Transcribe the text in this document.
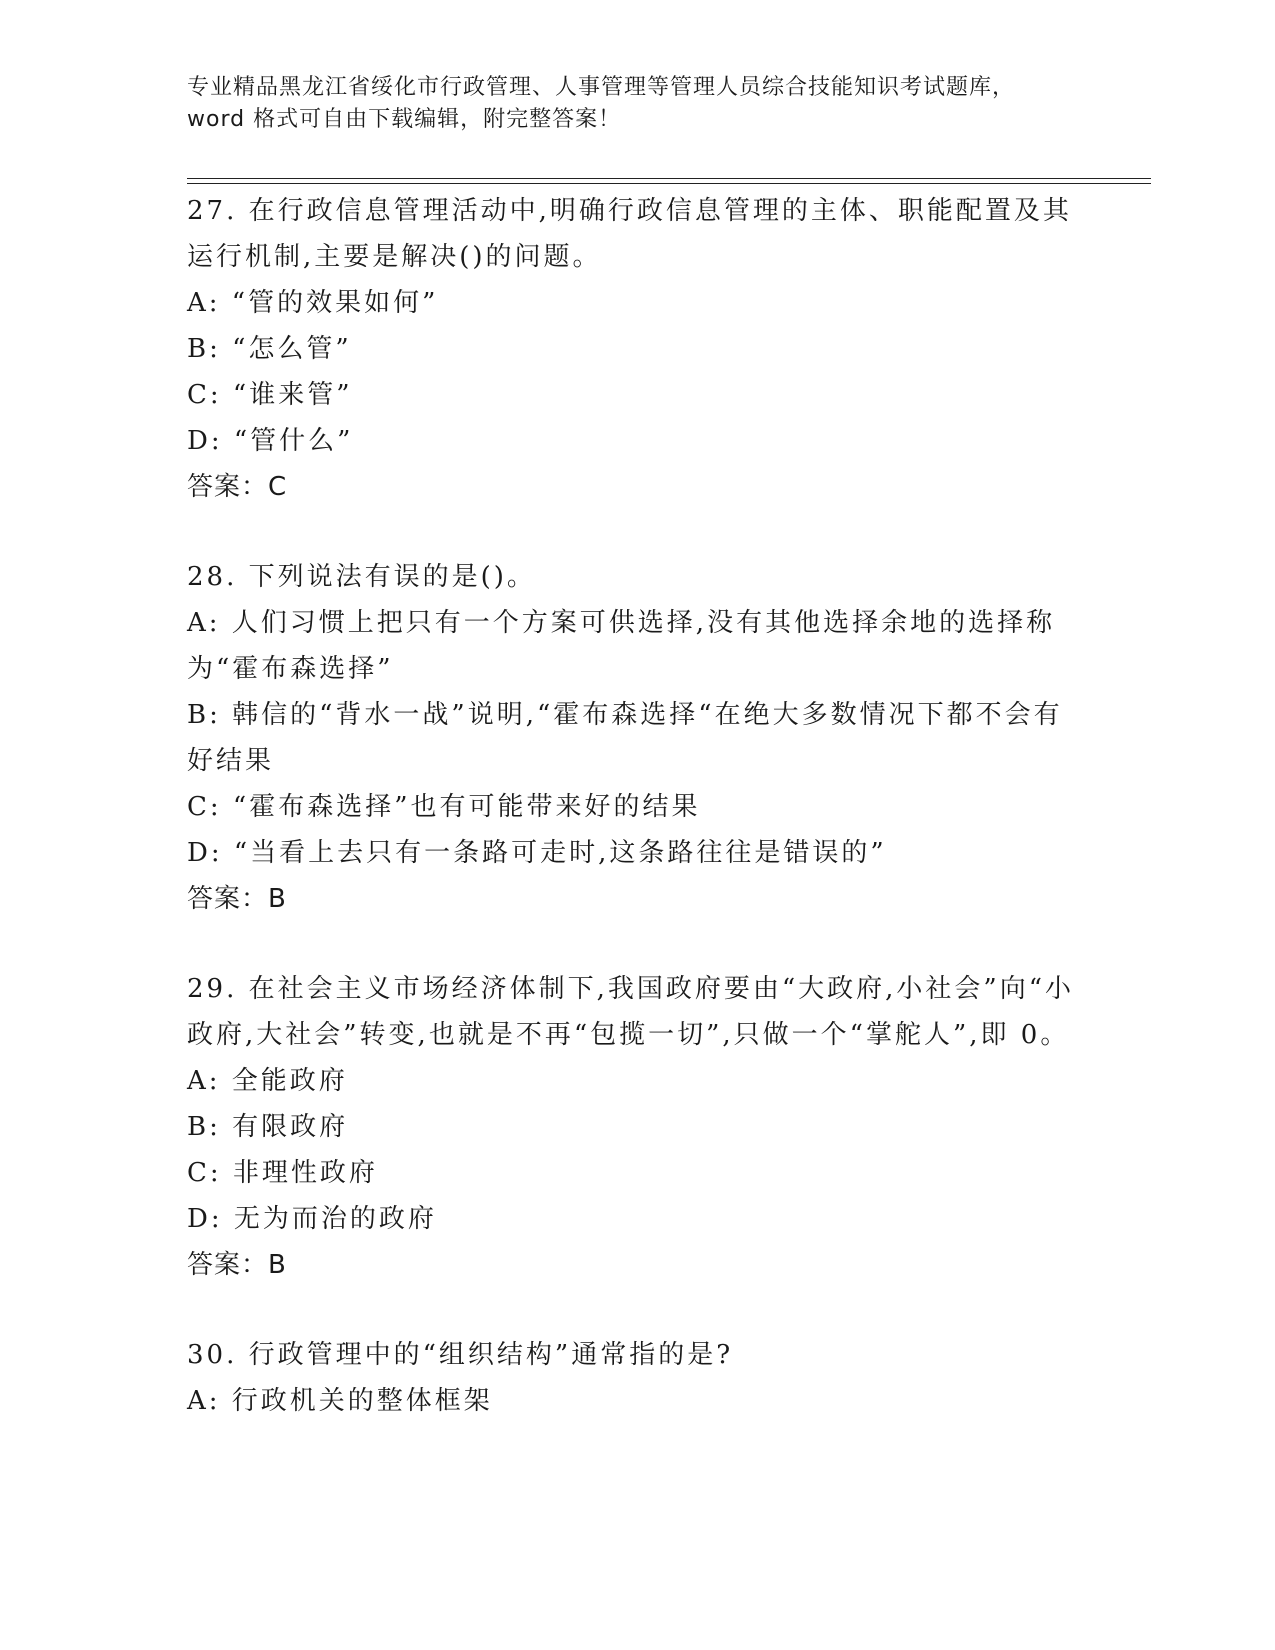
专业精品黑龙江省绥化市行政管理、人事管理等管理人员综合技能知识考试题库，
word 格式可自由下载编辑，附完整答案！

27. 在行政信息管理活动中,明确行政信息管理的主体、职能配置及其运行机制,主要是解决()的问题。

A: “管的效果如何”

B: “怎么管”

C: “谁来管”

D: “管什么”

答案：C

28. 下列说法有误的是()。

A: 人们习惯上把只有一个方案可供选择,没有其他选择余地的选择称为“霍布森选择”

B: 韩信的“背水一战”说明,“霍布森选择“在绝大多数情况下都不会有好结果

C: “霍布森选择”也有可能带来好的结果

D: “当看上去只有一条路可走时,这条路往往是错误的”

答案：B

29. 在社会主义市场经济体制下,我国政府要由“大政府,小社会”向“小政府,大社会”转变,也就是不再“包揽一切”,只做一个“掌舵人”,即 0。

A: 全能政府

B: 有限政府

C: 非理性政府

D: 无为而治的政府

答案：B

30. 行政管理中的“组织结构”通常指的是?

A: 行政机关的整体框架
